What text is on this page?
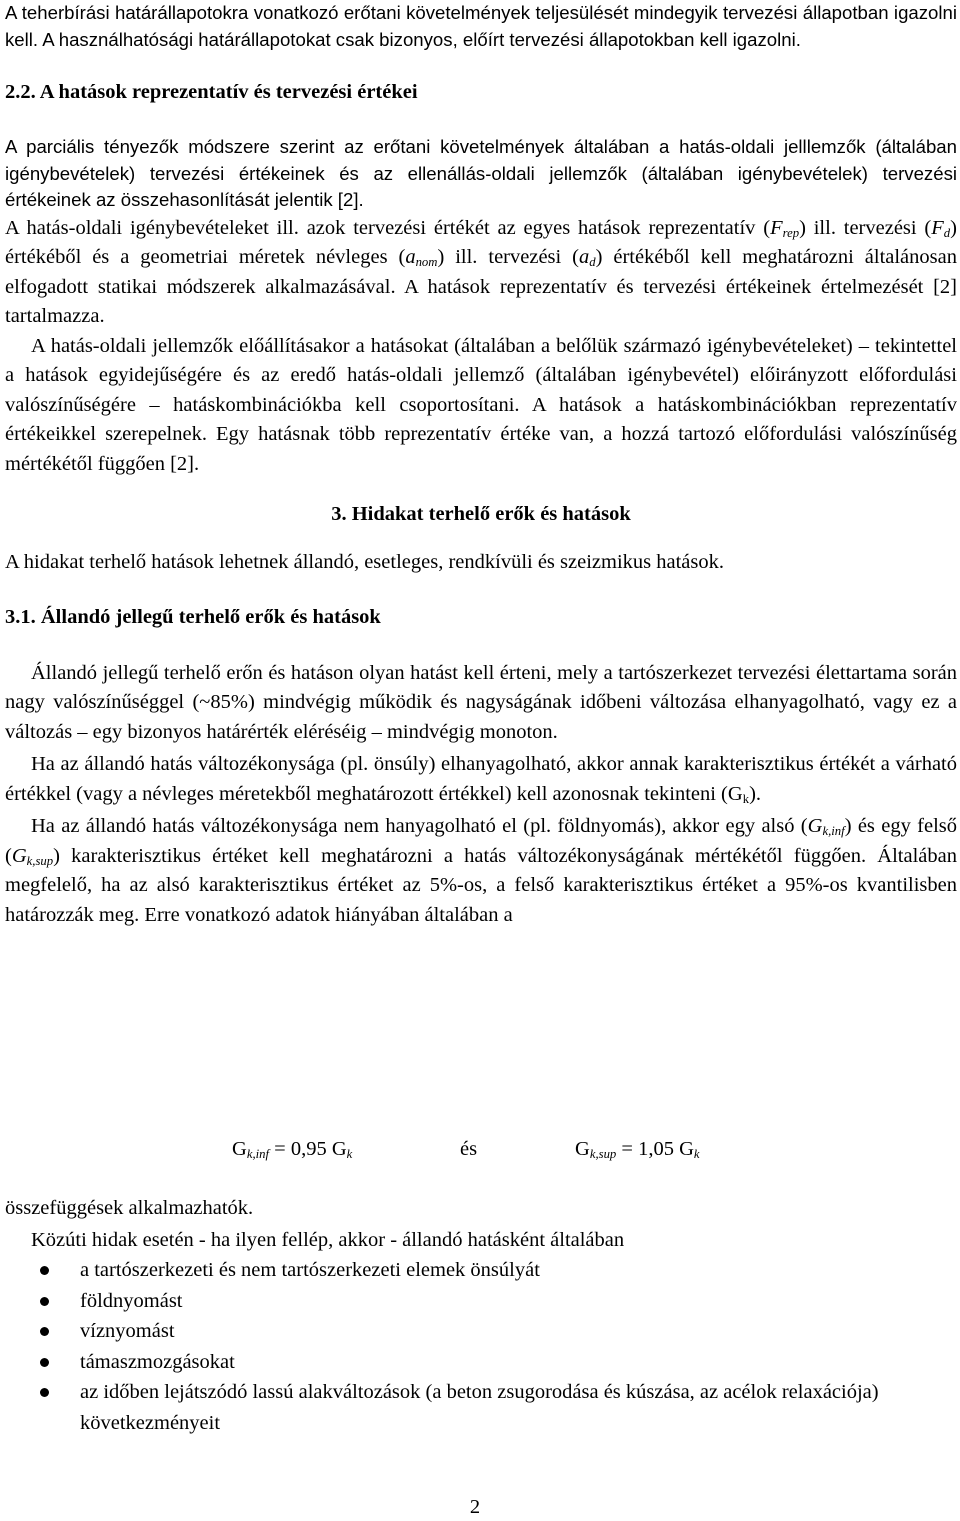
A teherbírási határállapotokra vonatkozó erőtani követelmények teljesülését mindegyik tervezési állapotban igazolni kell. A használhatósági határállapotokat csak bizonyos, előírt tervezési állapotokban kell igazolni.

2.2. A hatások reprezentatív és tervezési értékei

A parciális tényezők módszere szerint az erőtani követelmények általában a hatás-oldali jelllemzők (általában igénybevételek) tervezési értékeinek és az ellenállás-oldali jellemzők (általában igénybevételek) tervezési értékeinek az összehasonlítását jelentik [2].

A hatás-oldali igénybevételeket ill. azok tervezési értékét az egyes hatások reprezentatív $(F_{rep})$ ill. tervezési $(F_d)$ értékéből és a geometriai méretek névleges $(a_{nom})$ ill. tervezési $(a_d)$ értékéből kell meghatározni általánosan elfogadott statikai módszerek alkalmazásával. A hatások reprezentatív és tervezési értékeinek értelmezését [2] tartalmazza.

A hatás-oldali jellemzők előállításakor a hatásokat (általában a belőlük származó igénybevételeket) – tekintettel a hatások egyidejűségére és az eredő hatás-oldali jellemző (általában igénybevétel) előirányzott előfordulási valószínűségére – hatáskombinációkba kell csoportosítani. A hatások a hatáskombinációkban reprezentatív értékeikkel szerepelnek. Egy hatásnak több reprezentatív értéke van, a hozzá tartozó előfordulási valószínűség mértékétől függően [2].

3. Hidakat terhelő erők és hatások

A hidakat terhelő hatások lehetnek állandó, esetleges, rendkívüli és szeizmikus hatások.

3.1. Állandó jellegű terhelő erők és hatások

Állandó jellegű terhelő erőn és hatáson olyan hatást kell érteni, mely a tartószerkezet tervezési élettartama során nagy valószínűséggel (~85%) mindvégig működik és nagyságának időbeni változása elhanyagolható, vagy ez a változás – egy bizonyos határérték eléréséig – mindvégig monoton.

Ha az állandó hatás változékonysága (pl. önsúly) elhanyagolható, akkor annak karakterisztikus értékét a várható értékkel (vagy a névleges méretekből meghatározott értékkel) kell azonosnak tekinteni $(G_k)$.

Ha az állandó hatás változékonysága nem hanyagolható el (pl. földnyomás), akkor egy alsó $(G_{k,inf})$ és egy felső $(G_{k,sup})$ karakterisztikus értéket kell meghatározni a hatás változékonyságának mértékétől függően. Általában megfelelő, ha az alsó karakterisztikus értéket az 5%-os, a felső karakterisztikus értéket a 95%-os kvantilisben határozzák meg. Erre vonatkozó adatok hiányában általában a

$G_{k,inf} = 0,95$ $G_k$	és	$G_{k,sup} = 1,05$ $G_k$

összefüggések alkalmazhatók.

Közúti hidak esetén - ha ilyen fellép, akkor - állandó hatásként általában

a tartószerkezeti és nem tartószerkezeti elemek önsúlyát
földnyomást
víznyomást
támaszmozgásokat
az időben lejátszódó lassú alakváltozások (a beton zsugorodása és kúszása, az acélok relaxációja) következményeit
2
